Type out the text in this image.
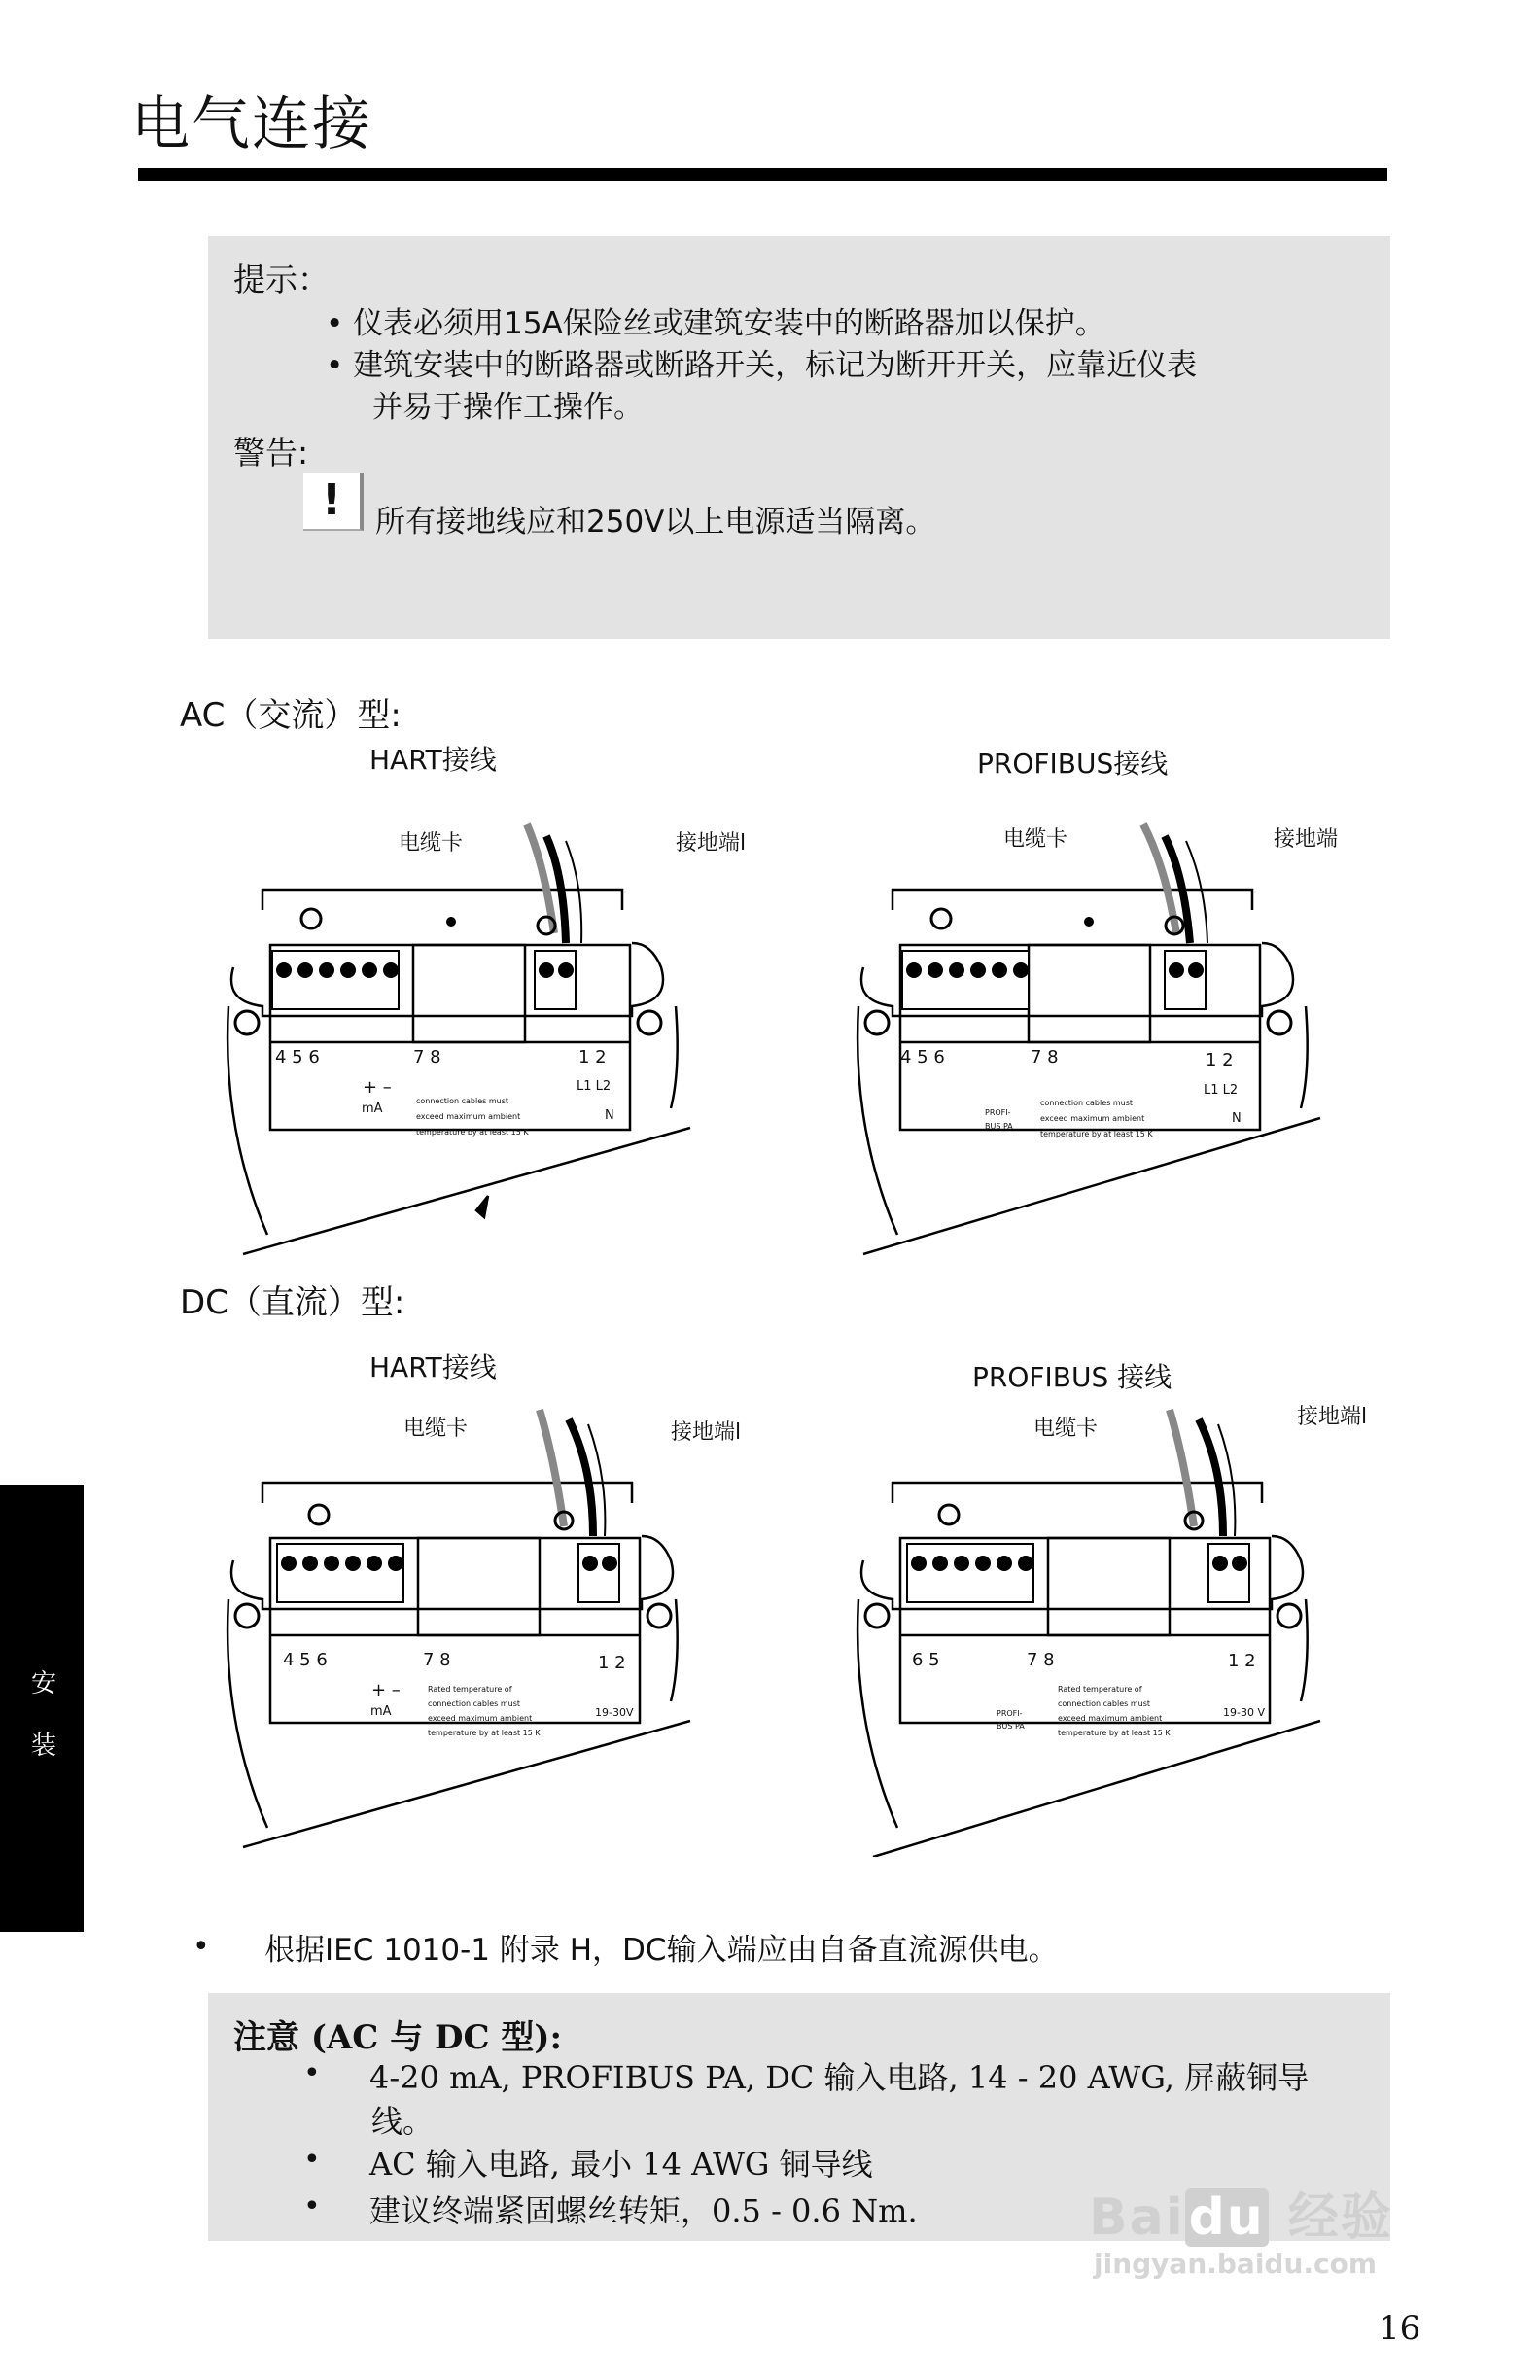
电气连接
提示：
• 仪表必须用15A保险丝或建筑安装中的断路器加以保护。
• 建筑安装中的断路器或断路开关，标记为断开开关，应靠近仪表
并易于操作工操作。
警告:
!	所有接地线应和250V以上电源适当隔离。
AC（交流）型:
DC（直流）型:
HART接线	PROFIBUS接线
HART接线	PROFIBUS 接线
电缆卡	接地端l
4 5 6	7 8	1 2
+ –
mA
L1 L2
N
connection cables must
exceed maximum ambient
temperature by at least 15 K
电缆卡	接地端
4 5 6	7 8	1 2
PROFI-
BUS PA
L1 L2
N
connection cables must
exceed maximum ambient
temperature by at least 15 K
电缆卡	接地端l
4 5 6	7 8	1 2
+ –
mA	19-30V
Rated temperature of
connection cables must
exceed maximum ambient
temperature by at least 15 K
电缆卡	接地端l
6 5	7 8	1 2
PROFI-
BUS PA
19-30 V
Rated temperature of
connection cables must
exceed maximum ambient
temperature by at least 15 K
安
装
• 根据IEC 1010-1 附录 H，DC输入端应由自备直流源供电。
注意 (AC 与 DC 型):
• 4-20 mA, PROFIBUS PA, DC 输入电路, 14 - 20 AWG, 屏蔽铜导
线。
• AC 输入电路, 最小 14 AWG 铜导线
• 建议终端紧固螺丝转矩，0.5 - 0.6 Nm.	Baidu 经验
jingyan.baidu.com
16
